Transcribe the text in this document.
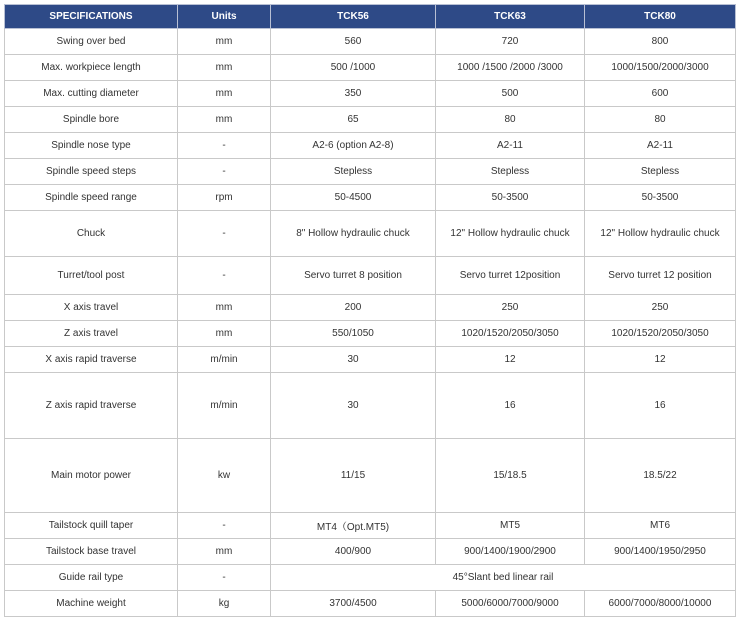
SPECIFICATIONS	Units	TCK56	TCK63	TCK80
Swing over bed	mm	560	720	800
Max. workpiece length	mm	500 /1000	1000 /1500 /2000 /3000	1000/1500/2000/3000
Max. cutting diameter	mm	350	500	600
Spindle bore	mm	65	80	80
Spindle nose type	-	A2-6 (option A2-8)	A2-11	A2-11
Spindle speed steps	-	Stepless	Stepless	Stepless
Spindle speed range	rpm	50-4500	50-3500	50-3500
Chuck	-	8" Hollow hydraulic chuck	12" Hollow hydraulic chuck	12" Hollow hydraulic chuck
Turret/tool post	-	Servo turret 8 position	Servo turret 12position	Servo turret 12 position
X axis travel	mm	200	250	250
Z axis travel	mm	550/1050	1020/1520/2050/3050	1020/1520/2050/3050
X axis rapid traverse	m/min	30	12	12
Z axis rapid traverse	m/min	30	16	16
Main motor power	kw	11/15	15/18.5	18.5/22
Tailstock quill taper	-	MT4（Opt.MT5)	MT5	MT6
Tailstock base travel	mm	400/900	900/1400/1900/2900	900/1400/1950/2950
Guide rail type	-	45°Slant bed linear rail		
Machine weight	kg	3700/4500	5000/6000/7000/9000	6000/7000/8000/10000
